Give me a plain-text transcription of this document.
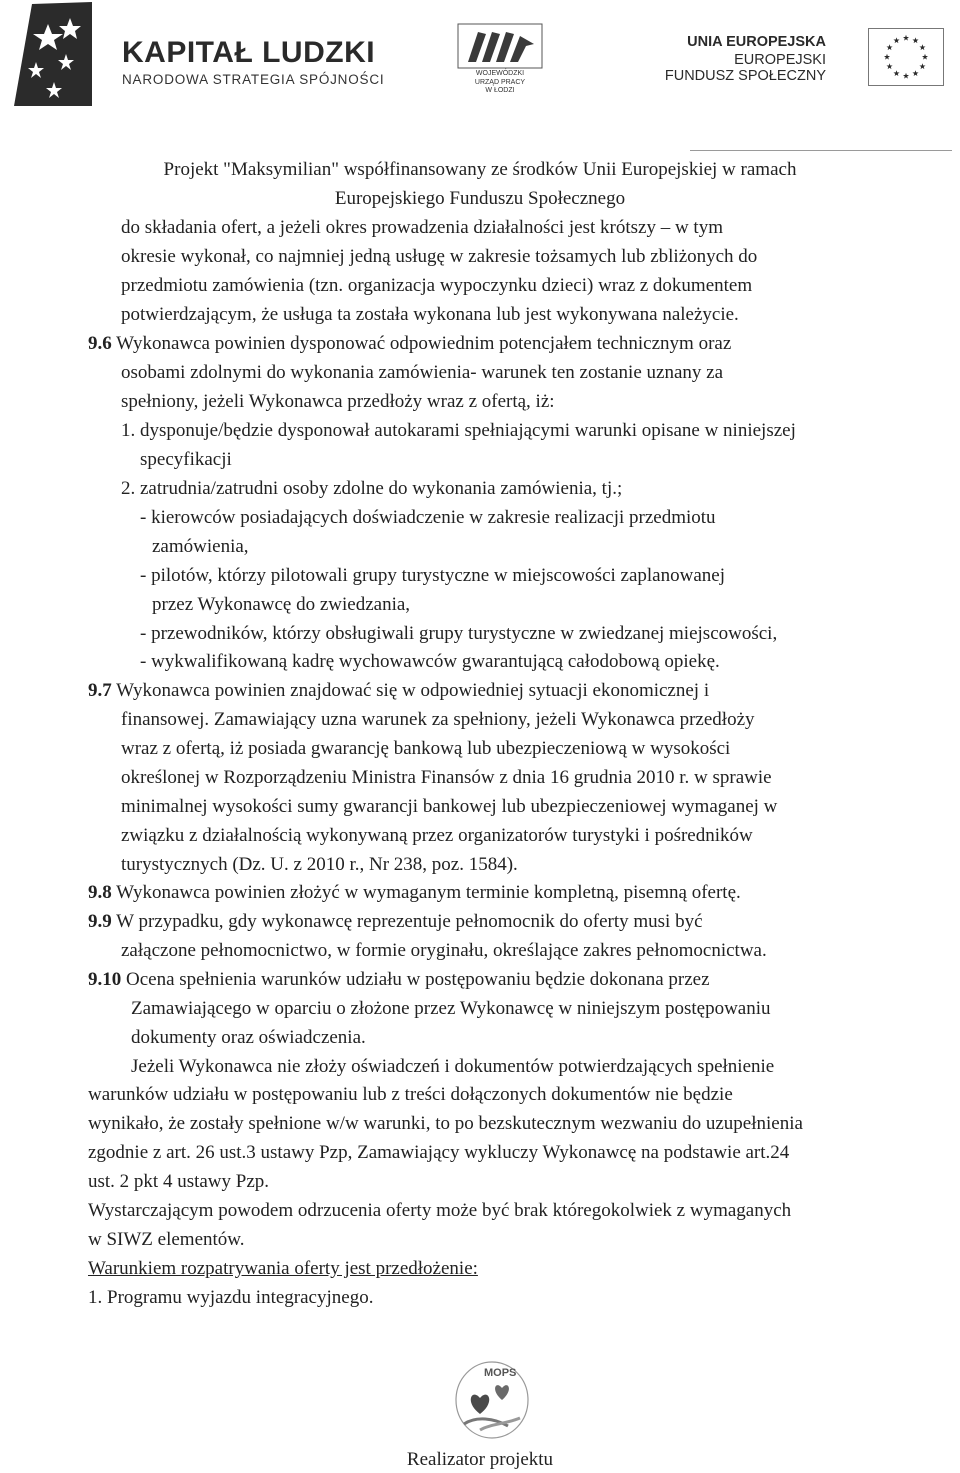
KAPITAŁ LUDZKI
NARODOWA STRATEGIA SPÓJNOŚCI	WOJEWÓDZKI
URZĄD PRACY
W ŁODZI
UNIA EUROPEJSKA
EUROPEJSKI
FUNDUSZ SPOŁECZNY
Projekt "Maksymilian" współfinansowany ze środków Unii Europejskiej w ramach
Europejskiego Funduszu Społecznego
do składania ofert, a jeżeli okres prowadzenia działalności jest krótszy – w tym
okresie wykonał, co najmniej jedną usługę w zakresie tożsamych lub zbliżonych do
przedmiotu zamówienia (tzn. organizacja wypoczynku dzieci) wraz z dokumentem
potwierdzającym, że usługa ta została wykonana lub jest wykonywana należycie.
9.6 Wykonawca powinien dysponować odpowiednim potencjałem technicznym oraz
osobami zdolnymi do wykonania zamówienia- warunek ten zostanie uznany za
spełniony, jeżeli Wykonawca przedłoży wraz z ofertą, iż:
1. dysponuje/będzie dysponował autokarami spełniającymi warunki opisane w niniejszej
specyfikacji
2. zatrudnia/zatrudni osoby zdolne do wykonania zamówienia, tj.;
- kierowców posiadających doświadczenie w zakresie realizacji przedmiotu
zamówienia,
- pilotów, którzy pilotowali grupy turystyczne w miejscowości zaplanowanej
przez Wykonawcę do zwiedzania,
- przewodników, którzy obsługiwali grupy turystyczne w zwiedzanej miejscowości,
- wykwalifikowaną kadrę wychowawców gwarantującą całodobową opiekę.
9.7 Wykonawca powinien znajdować się w odpowiedniej sytuacji ekonomicznej i
finansowej. Zamawiający uzna warunek za spełniony, jeżeli Wykonawca przedłoży
wraz z ofertą, iż posiada gwarancję bankową lub ubezpieczeniową w wysokości
określonej w Rozporządzeniu Ministra Finansów z dnia 16 grudnia 2010 r. w sprawie
minimalnej wysokości sumy gwarancji bankowej lub ubezpieczeniowej wymaganej w
związku z działalnością wykonywaną przez organizatorów turystyki i pośredników
turystycznych (Dz. U. z 2010 r., Nr 238, poz. 1584).
9.8 Wykonawca powinien złożyć w wymaganym terminie kompletną, pisemną ofertę.
9.9 W przypadku, gdy wykonawcę reprezentuje pełnomocnik do oferty musi być
załączone pełnomocnictwo, w formie oryginału, określające zakres pełnomocnictwa.
9.10 Ocena spełnienia warunków udziału w postępowaniu będzie dokonana przez
Zamawiającego w oparciu o złożone przez Wykonawcę w niniejszym postępowaniu
dokumenty oraz oświadczenia.
Jeżeli Wykonawca nie złoży oświadczeń i dokumentów potwierdzających spełnienie
warunków udziału w postępowaniu lub z treści dołączonych dokumentów nie będzie
wynikało, że zostały spełnione w/w warunki, to po bezskutecznym wezwaniu do uzupełnienia
zgodnie z art. 26 ust.3 ustawy Pzp, Zamawiający wykluczy Wykonawcę na podstawie art.24
ust. 2 pkt 4 ustawy Pzp.
Wystarczającym powodem odrzucenia oferty może być brak któregokolwiek z wymaganych
w SIWZ elementów.
Warunkiem rozpatrywania oferty jest przedłożenie:
1. Programu wyjazdu integracyjnego.
MOPS
Realizator projektu
